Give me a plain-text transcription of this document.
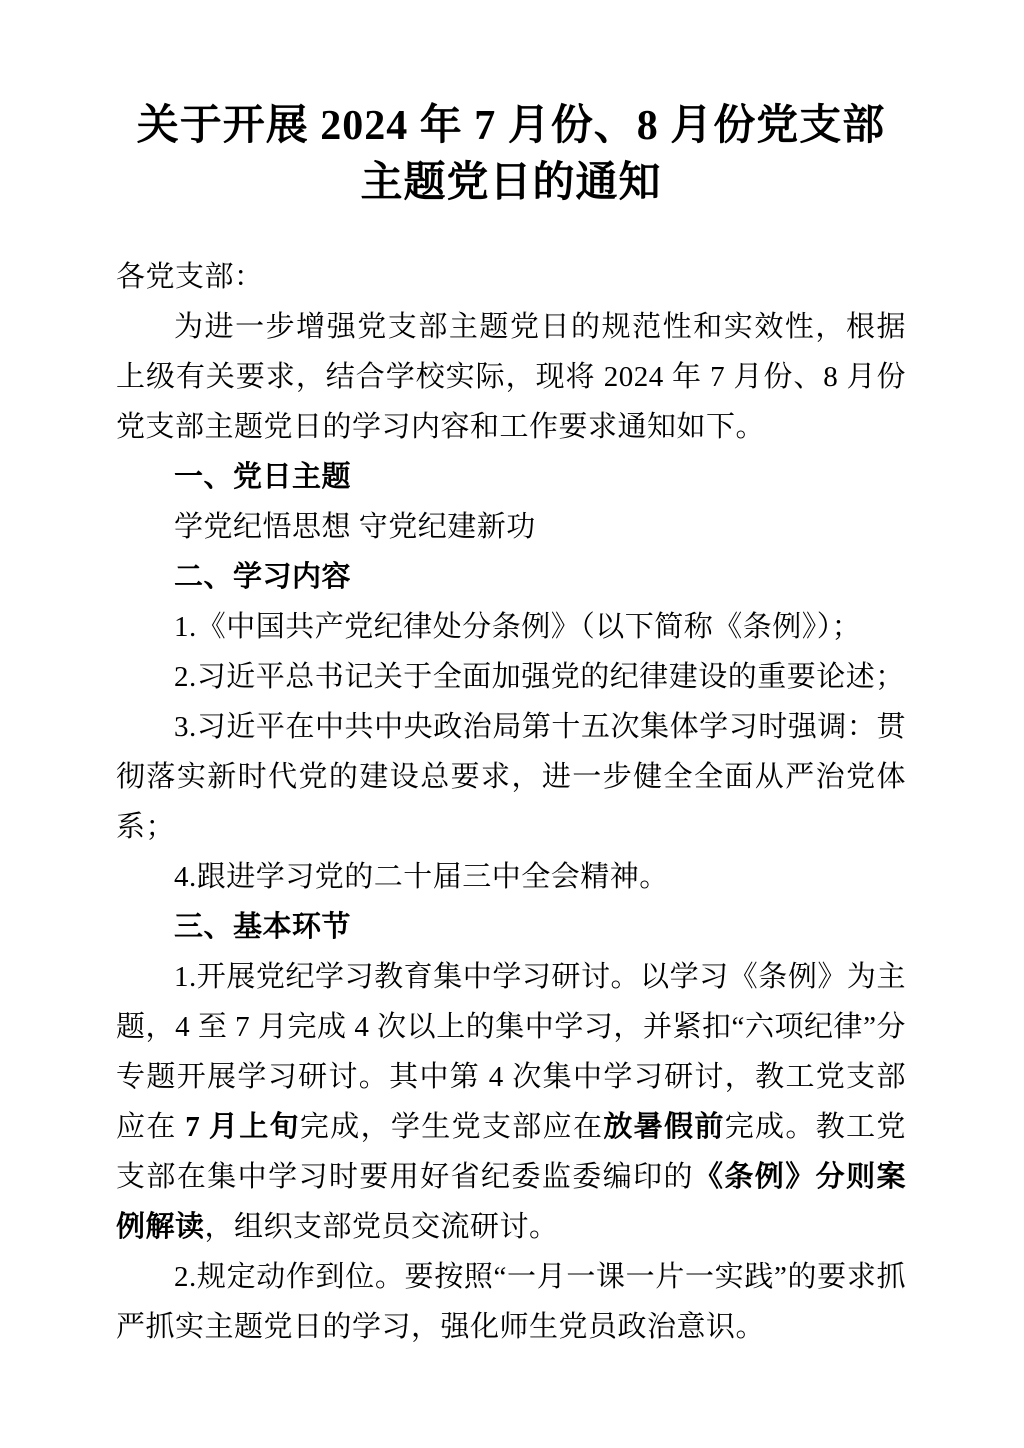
关于开展 2024 年 7 月份、8 月份党支部
主题党日的通知

各党支部：

为进一步增强党支部主题党日的规范性和实效性，根据上级有关要求，结合学校实际，现将 2024 年 7 月份、8 月份党支部主题党日的学习内容和工作要求通知如下。

一、党日主题

学党纪悟思想 守党纪建新功

二、学习内容

1.《中国共产党纪律处分条例》（以下简称《条例》）；

2.习近平总书记关于全面加强党的纪律建设的重要论述；

3.习近平在中共中央政治局第十五次集体学习时强调：贯彻落实新时代党的建设总要求，进一步健全全面从严治党体系；

4.跟进学习党的二十届三中全会精神。

三、基本环节

1.开展党纪学习教育集中学习研讨。以学习《条例》为主题，4 至 7 月完成 4 次以上的集中学习，并紧扣“六项纪律”分专题开展学习研讨。其中第 4 次集中学习研讨，教工党支部应在 7 月上旬完成，学生党支部应在放暑假前完成。教工党支部在集中学习时要用好省纪委监委编印的《条例》分则案例解读，组织支部党员交流研讨。

2.规定动作到位。要按照“一月一课一片一实践”的要求抓严抓实主题党日的学习，强化师生党员政治意识。
